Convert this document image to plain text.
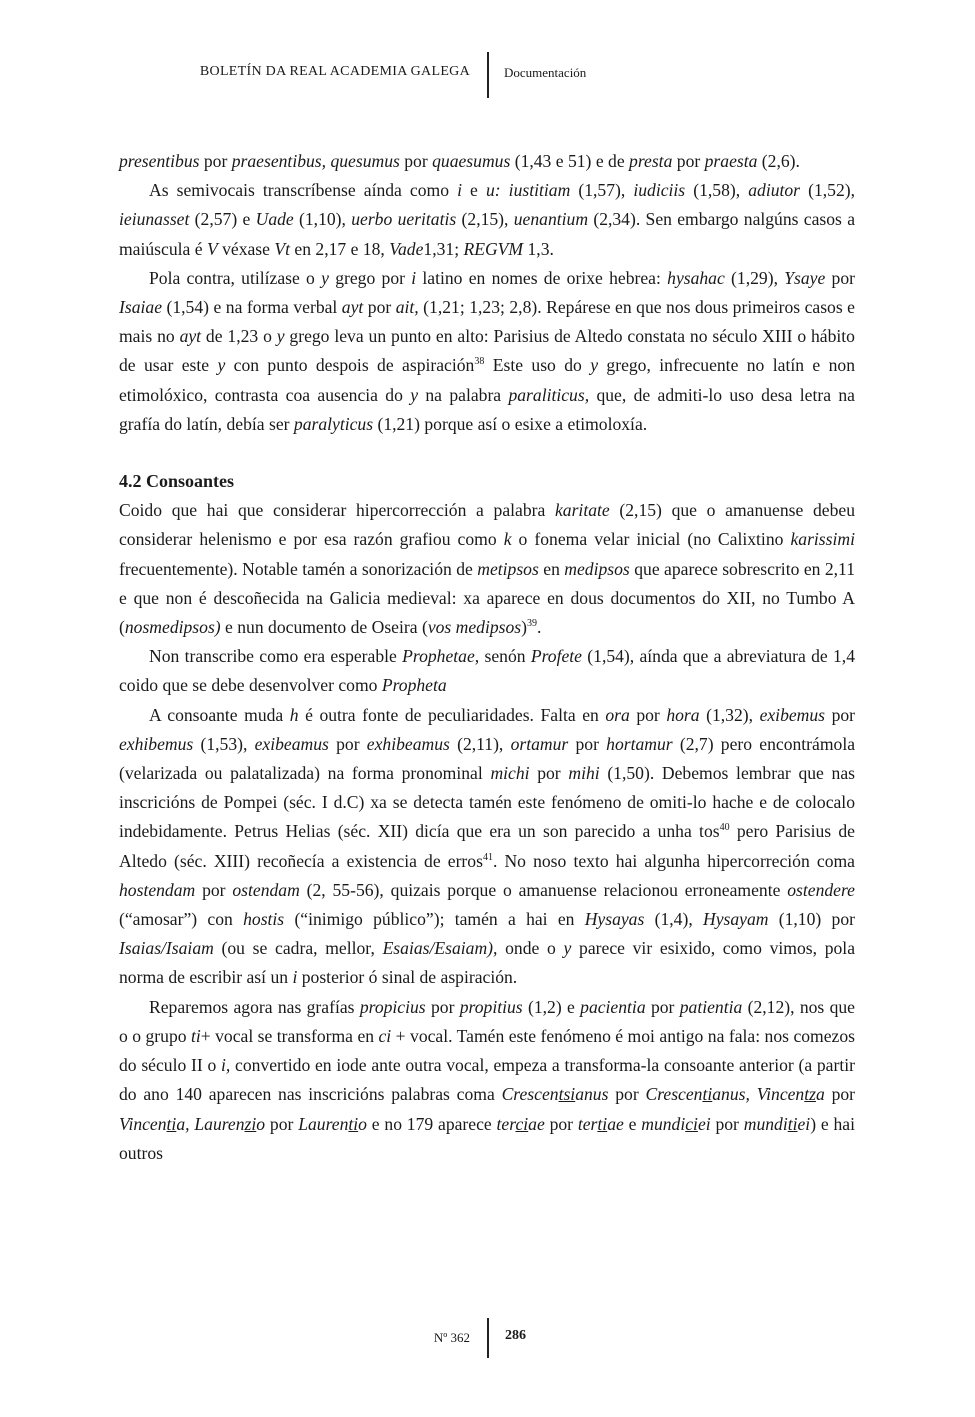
BOLETÍN DA REAL ACADEMIA GALEGA	Documentación

presentibus por praesentibus, quesumus por quaesumus (1,43 e 51) e de presta por praesta (2,6).

As semivocais transcríbense aínda como i e u: iustitiam (1,57), iudiciis (1,58), adiutor (1,52), ieiunasset (2,57) e Uade (1,10), uerbo ueritatis (2,15), uenantium (2,34). Sen embargo nalgúns casos a maiúscula é V véxase Vt en 2,17 e 18, Vade1,31; REGVM 1,3.

Pola contra, utilízase o y grego por i latino en nomes de orixe hebrea: hysahac (1,29), Ysaye por Isaiae (1,54) e na forma verbal ayt por ait, (1,21; 1,23; 2,8). Repárese en que nos dous primeiros casos e mais no ayt de 1,23 o y grego leva un punto en alto: Parisius de Altedo constata no século XIII o hábito de usar este y con punto despois de aspiración$^{38}$ Este uso do y grego, infrecuente no latín e non etimolóxico, contrasta coa ausencia do y na palabra paraliticus, que, de admiti-lo uso desa letra na grafía do latín, debía ser paralyticus (1,21) porque así o esixe a etimoloxía.

4.2 Consoantes

Coido que hai que considerar hipercorrección a palabra karitate (2,15) que o amanuense debeu considerar helenismo e por esa razón grafiou como k o fonema velar inicial (no Calixtino karissimi frecuentemente). Notable tamén a sonorización de metipsos en medipsos que aparece sobrescrito en 2,11 e que non é descoñecida na Galicia medieval: xa aparece en dous documentos do XII, no Tumbo A (nosmedipsos) e nun documento de Oseira (vos medipsos)$^{39}$.

Non transcribe como era esperable Prophetae, senón Profete (1,54), aínda que a abreviatura de 1,4 coido que se debe desenvolver como Propheta

A consoante muda h é outra fonte de peculiaridades. Falta en ora por hora (1,32), exibemus por exhibemus (1,53), exibeamus por exhibeamus (2,11), ortamur por hortamur (2,7) pero encontrámola (velarizada ou palatalizada) na forma pronominal michi por mihi (1,50). Debemos lembrar que nas inscricións de Pompei (séc. I d.C) xa se detecta tamén este fenómeno de omiti-lo hache e de colocalo indebidamente. Petrus Helias (séc. XII) dicía que era un son parecido a unha tos$^{40}$ pero Parisius de Altedo (séc. XIII) recoñecía a existencia de erros$^{41}$. No noso texto hai algunha hipercorreción coma hostendam por ostendam (2, 55-56), quizais porque o amanuense relacionou erroneamente ostendere (“amosar”) con hostis (“inimigo público”); tamén a hai en Hysayas (1,4), Hysayam (1,10) por Isaias/Isaiam (ou se cadra, mellor, Esaias/Esaiam), onde o y parece vir esixido, como vimos, pola norma de escribir así un i posterior ó sinal de aspiración.

Reparemos agora nas grafías propicius por propitius (1,2) e pacientia por patientia (2,12), nos que o o grupo ti+ vocal se transforma en ci + vocal. Tamén este fenómeno é moi antigo na fala: nos comezos do século II o i, convertido en iode ante outra vocal, empeza a transforma-la consoante anterior (a partir do ano 140 aparecen nas inscricións palabras coma Crescentsianus por Crescentianus, Vincentza por Vincentia, Laurenzio por Laurentio e no 179 aparece terciae por tertiae e mundiciei por munditiei) e hai outros

Nº 362	286
